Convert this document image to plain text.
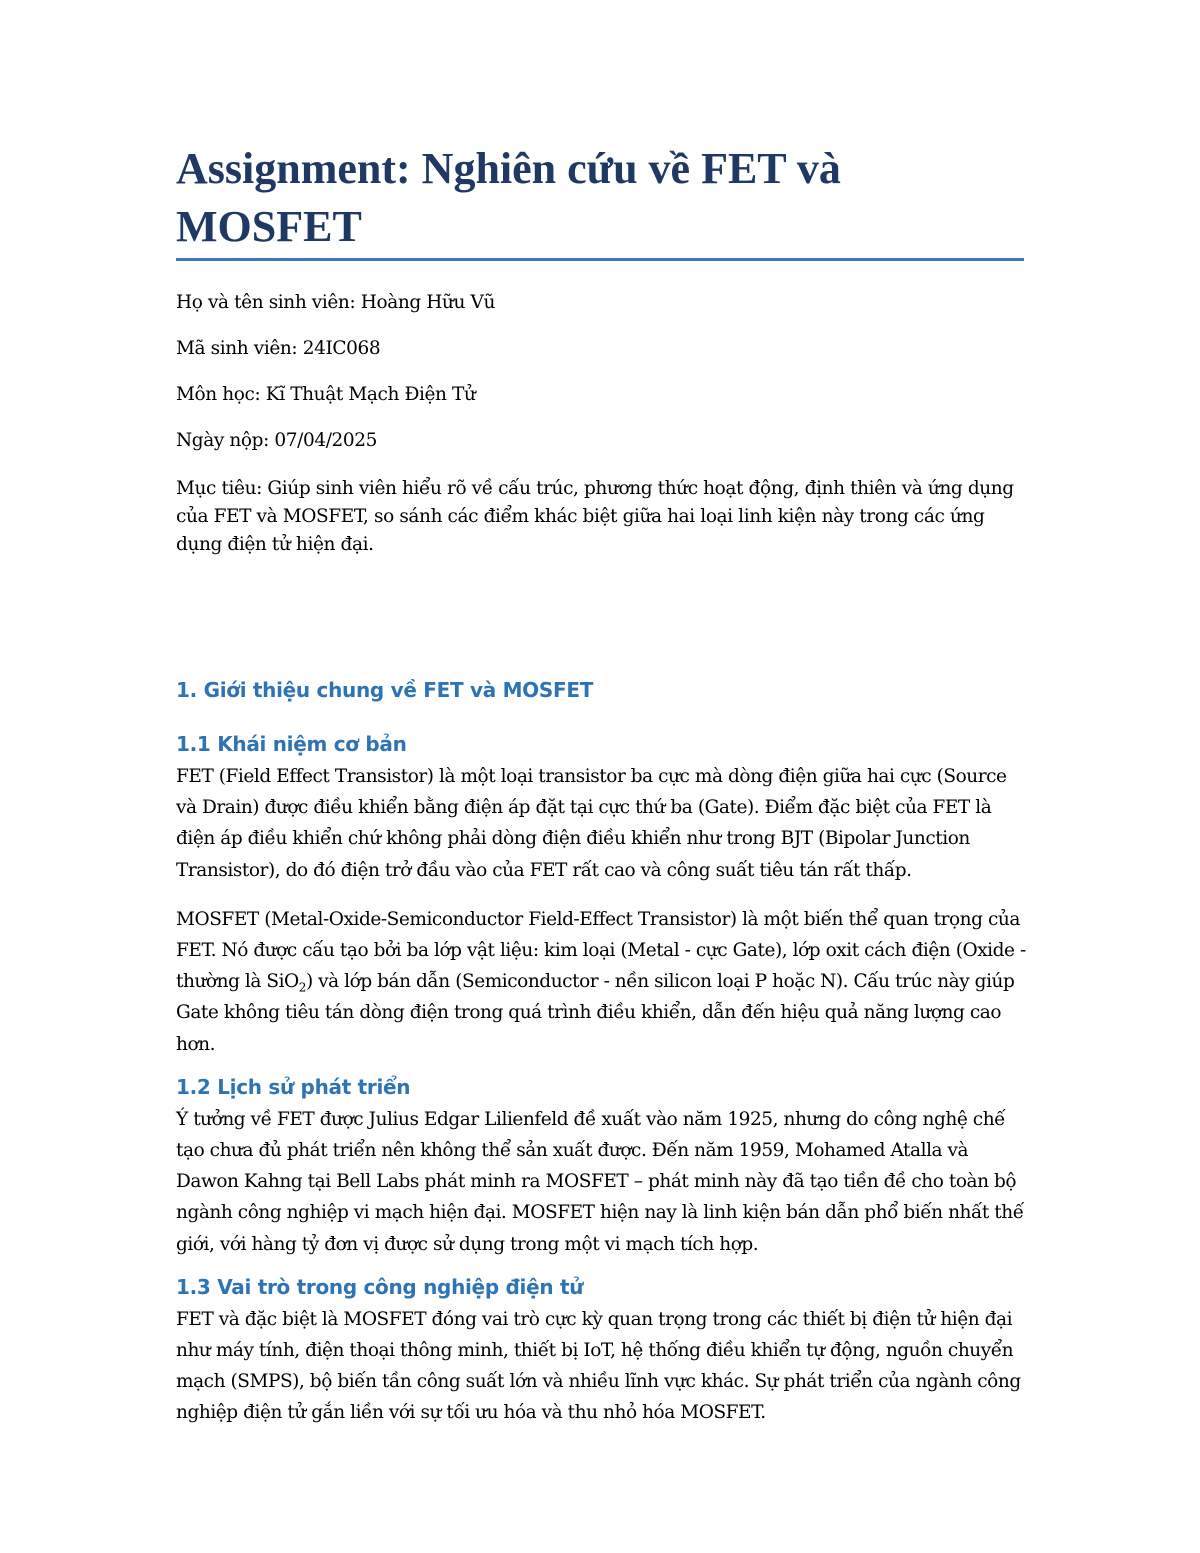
Assignment: Nghiên cứu về FET và MOSFET

Họ và tên sinh viên: Hoàng Hữu Vũ

Mã sinh viên: 24IC068

Môn học: Kĩ Thuật Mạch Điện Tử

Ngày nộp: 07/04/2025

Mục tiêu: Giúp sinh viên hiểu rõ về cấu trúc, phương thức hoạt động, định thiên và ứng dụng của FET và MOSFET, so sánh các điểm khác biệt giữa hai loại linh kiện này trong các ứng dụng điện tử hiện đại.

1. Giới thiệu chung về FET và MOSFET
1.1 Khái niệm cơ bản

FET (Field Effect Transistor) là một loại transistor ba cực mà dòng điện giữa hai cực (Source và Drain) được điều khiển bằng điện áp đặt tại cực thứ ba (Gate). Điểm đặc biệt của FET là điện áp điều khiển chứ không phải dòng điện điều khiển như trong BJT (Bipolar Junction Transistor), do đó điện trở đầu vào của FET rất cao và công suất tiêu tán rất thấp.

MOSFET (Metal-Oxide-Semiconductor Field-Effect Transistor) là một biến thể quan trọng của FET. Nó được cấu tạo bởi ba lớp vật liệu: kim loại (Metal - cực Gate), lớp oxit cách điện (Oxide - thường là SiO$_2$) và lớp bán dẫn (Semiconductor - nền silicon loại P hoặc N). Cấu trúc này giúp Gate không tiêu tán dòng điện trong quá trình điều khiển, dẫn đến hiệu quả năng lượng cao hơn.

1.2 Lịch sử phát triển

Ý tưởng về FET được Julius Edgar Lilienfeld đề xuất vào năm 1925, nhưng do công nghệ chế tạo chưa đủ phát triển nên không thể sản xuất được. Đến năm 1959, Mohamed Atalla và Dawon Kahng tại Bell Labs phát minh ra MOSFET – phát minh này đã tạo tiền đề cho toàn bộ ngành công nghiệp vi mạch hiện đại. MOSFET hiện nay là linh kiện bán dẫn phổ biến nhất thế giới, với hàng tỷ đơn vị được sử dụng trong một vi mạch tích hợp.

1.3 Vai trò trong công nghiệp điện tử

FET và đặc biệt là MOSFET đóng vai trò cực kỳ quan trọng trong các thiết bị điện tử hiện đại như máy tính, điện thoại thông minh, thiết bị IoT, hệ thống điều khiển tự động, nguồn chuyển mạch (SMPS), bộ biến tần công suất lớn và nhiều lĩnh vực khác. Sự phát triển của ngành công nghiệp điện tử gắn liền với sự tối ưu hóa và thu nhỏ hóa MOSFET.
